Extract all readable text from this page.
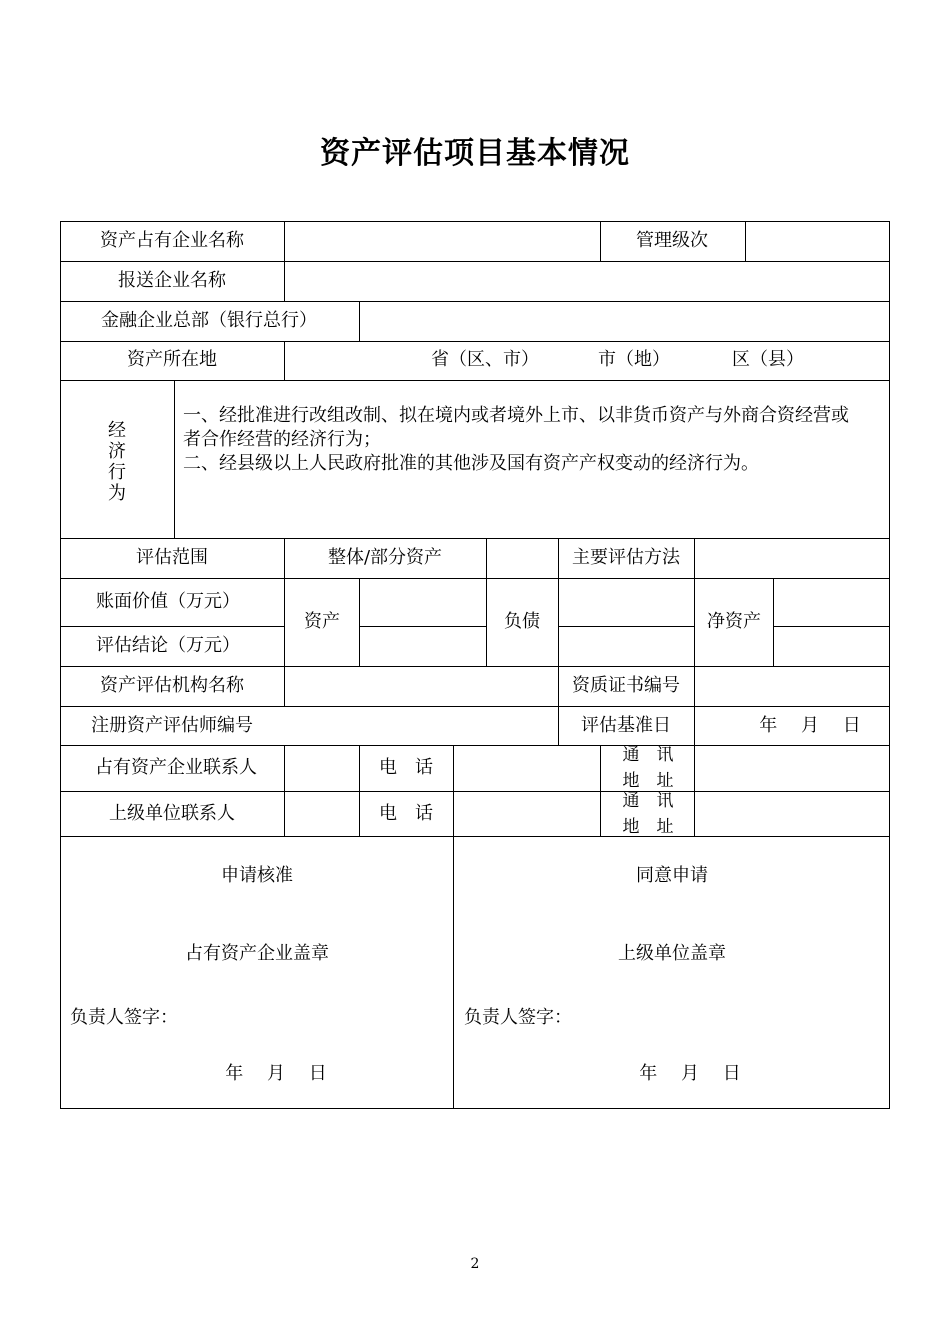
资产评估项目基本情况
资产占有企业名称	管理级次
报送企业名称
金融企业总部（银行总行）
资产所在地	省（区、市）	市（地）	区（县）
经济行为
一、经批准进行改组改制、拟在境内或者境外上市、以非货币资产与外商合资经营或
者合作经营的经济行为；
二、经县级以上人民政府批准的其他涉及国有资产产权变动的经济行为。
评估范围	整体/部分资产	主要评估方法
账面价值（万元）
评估结论（万元）
资产	负债	净资产
资产评估机构名称	资质证书编号
注册资产评估师编号	评估基准日	年　 月　 日
占有资产企业联系人	电　话
通　讯
地　址
上级单位联系人	电　话
通　讯
地　址
申请核准
占有资产企业盖章
负责人签字：
年　 月　 日
同意申请
上级单位盖章
负责人签字：
年　 月　 日
2
